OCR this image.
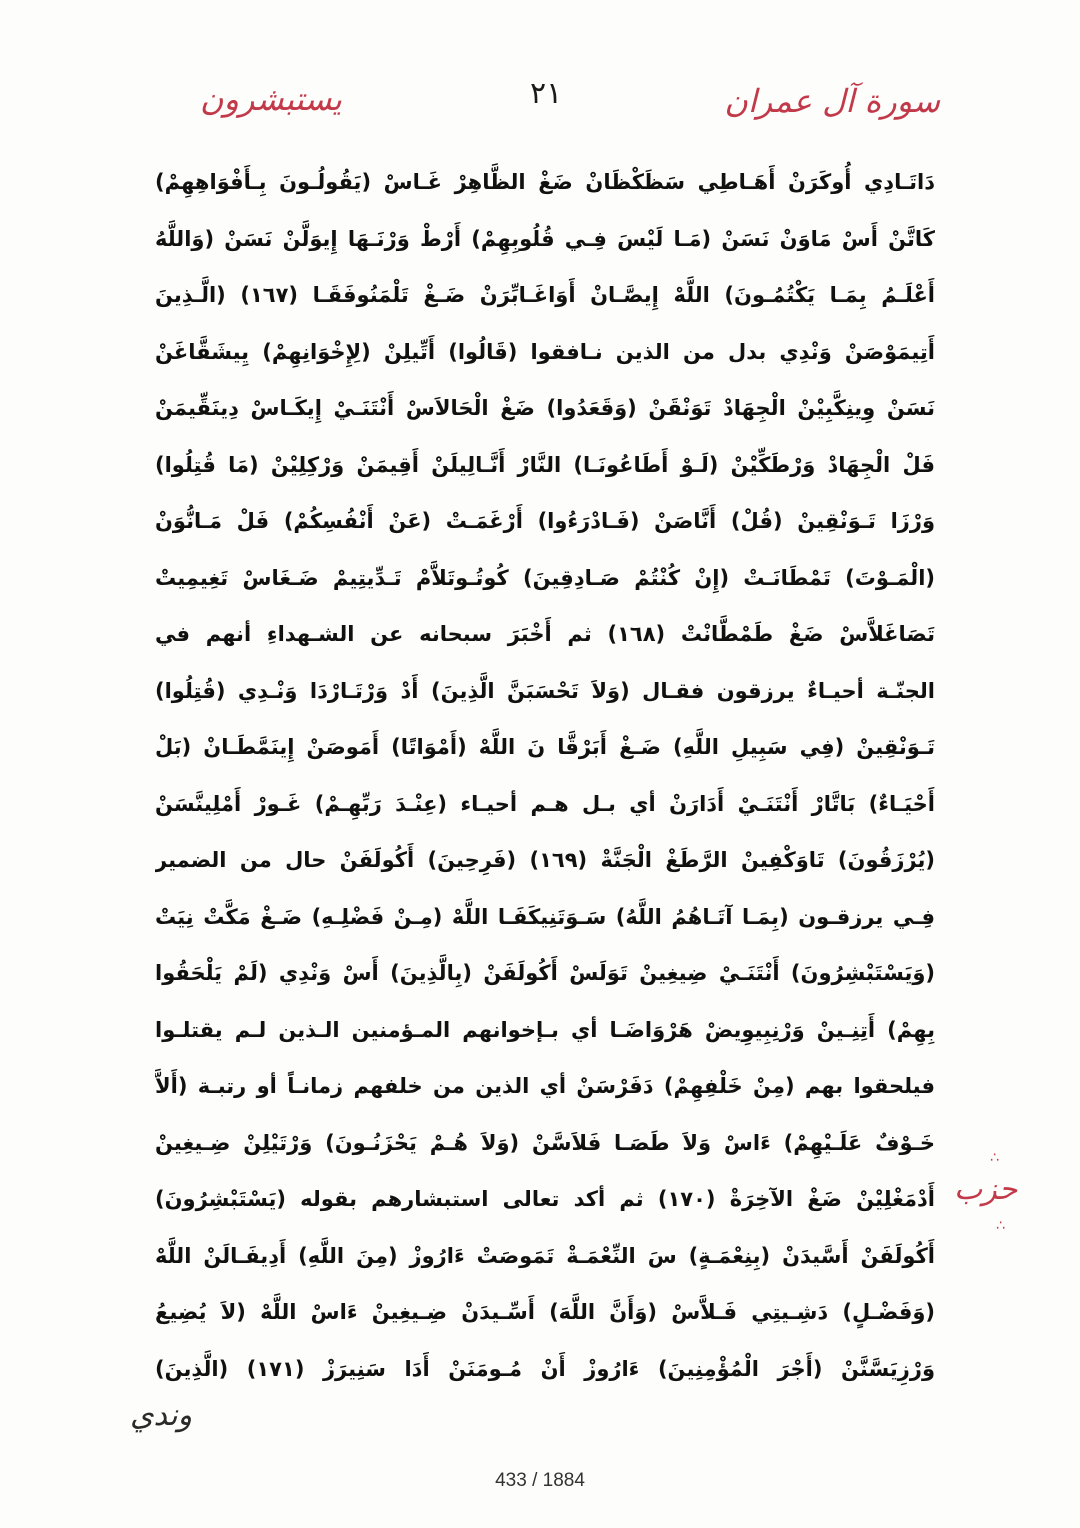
يستبشرون	٢١	سورة آل عمران
دَاتَـادِي أُوكَرَنْ أَهَـاطِي سَظَكْظَانْ ضَغْ الظَّاهِرْ غَـاسْ (يَقُولُـونَ بِـأَفْوَاهِهِمْ)
كَاتَّنْ أَسْ مَاوَنْ نَسَنْ (مَـا لَيْسَ فِـي قُلُوبِهِمْ) أَرْطْ وَرْنَـهَا إِيوَلَّنْ نَسَنْ (وَاللَّهُ
أَعْلَـمُ بِمَـا يَكْتُمُـونَ) اللَّهْ إِيصَّـانْ أَوَاغَـابِّرَنْ ضَـغْ تَلْمَنُوفَقَـا (١٦٧) (الَّـذِينَ
أَتِيمَوْصَنْ وَنْدِي بدل من الذين نـافقوا (قَالُوا) أَتِّيلِنْ (لِإِخْوَانِهِمْ) يِيشَقَّاغَنْ
نَسَنْ وِينِكَّبِيْنْ الْجِهَادْ تَوَنْقَنْ (وَقَعَدُوا) ضَغْ الْحَالاَسْ أَنْتَنَـيْ إِيكَـاسْ دِينَقِّيمَنْ
فَلْ الْجِهَادْ وَرْطَكِّيْنْ (لَـوْ أَطَاعُونَـا) النَّارْ أَنَّـالِيلَنْ أَقِيمَنْ وَرْكِلِيْنْ (مَا قُتِلُوا)
وَرْزَا تَـوَنْقِينْ (قُلْ) أَنَّاصَنْ (فَـادْرَءُوا) أَرْغَمَـتْ (عَنْ أَنْفُسِكُمْ) فَلْ مَـانُّوَنْ
(الْمَـوْتَ) تَمْطَانَـتْ (إِنْ كُنْتُمْ صَـادِقِينَ) كُوتُـوتَلاَّمْ تَـدِّيتِيمْ ضَـغَاسْ تَغِيمِيتْ
تَصَاغَلاَّسْ ضَغْ طَمْطَّانْتْ (١٦٨) ثم أَخْبَرَ سبحانه عن الشـهداءِ أنهم في
الجنّـة أحيـاءٌ يرزقون فقـال (وَلاَ تَحْسَبَنَّ الَّذِينَ) أَدْ وَرْتَـارْدَا وَنْـدِي (قُتِلُوا)
تَـوَنْقِينْ (فِي سَبِيلِ اللَّهِ) ضَـغْ أَبَرْقَّا نَ اللَّهْ (أَمْوَاتًا) أَمَوصَنْ إِينَمَّطَـانْ (بَلْ
أَحْيَـاءٌ) بَاتَّارْ أَنْتَنَـيْ أَدَارَنْ أي بـل هـم أحيـاء (عِنْـدَ رَبِّهِـمْ) غَـورْ أَمْلِينَّسَنْ
(يُرْزَقُونَ) تَاوَكْفِينْ الرَّطَغْ الْجَنَّةْ (١٦٩) (فَرِحِينَ) أَكُولَفَنْ حال من الضمير
فِـي يرزقـون (بِمَـا آتَـاهُمُ اللَّهُ) سَـوَتَنِيكَفَـا اللَّهْ (مِـنْ فَضْلِـهِ) ضَـغْ مَكَّتْ نِيَتْ
(وَيَسْتَبْشِرُونَ) أَنْتَنَـيْ ضِيغِينْ تَوَلَسْ أَكُولَفَنْ (بِالَّذِينَ) أَسْ وَنْدِي (لَمْ يَلْحَقُوا
بِهِمْ) أَتِنِـينْ وَرْنِبِيوِيضْ هَرْوَاضَـا أي بـإخوانهم المـؤمنين الـذين لـم يقتلـوا
فيلحقوا بهم (مِنْ خَلْفِهِمْ) دَفَرْسَنْ أي الذين من خلفهم زمانـاً أو رتبـة (أَلاَّ
خَـوْفٌ عَلَـيْهِمْ) ءَاسْ وَلاَ طَصَـا فَلاَسَّنْ (وَلاَ هُـمْ يَحْزَنُـونَ) وَرْتَيْلِنْ ضِـيغِينْ
أَدْمَغْلِيْنْ ضَغْ الآخِرَةْ (١٧٠) ثم أكد تعالى استبشارهم بقوله (يَسْتَبْشِرُونَ)
أَكُولَفَنْ أَسَّيدَنْ (بِنِعْمَـةٍ) سَ النِّعْمَـةْ تَمَوصَتْ ءَارُوزْ (مِنَ اللَّهِ) أَدِيفَـالَنْ اللَّهْ
(وَفَضْـلٍ) دَشِـيتِي فَـلاَّسْ (وَأَنَّ اللَّهَ) أَسِّـيدَنْ ضِـيغِينْ ءَاسْ اللَّهْ (لاَ يُضِيعُ
وَرْزِيَسَّنَّنْ (أَجْرَ الْمُؤْمِنِينَ) ءَارُوزْ أَنْ مُـومَنَنْ أَدَا سَنِيرَزْ (١٧١) (الَّذِينَ)
∴
حزب
∴
وندي
433 / 1884
